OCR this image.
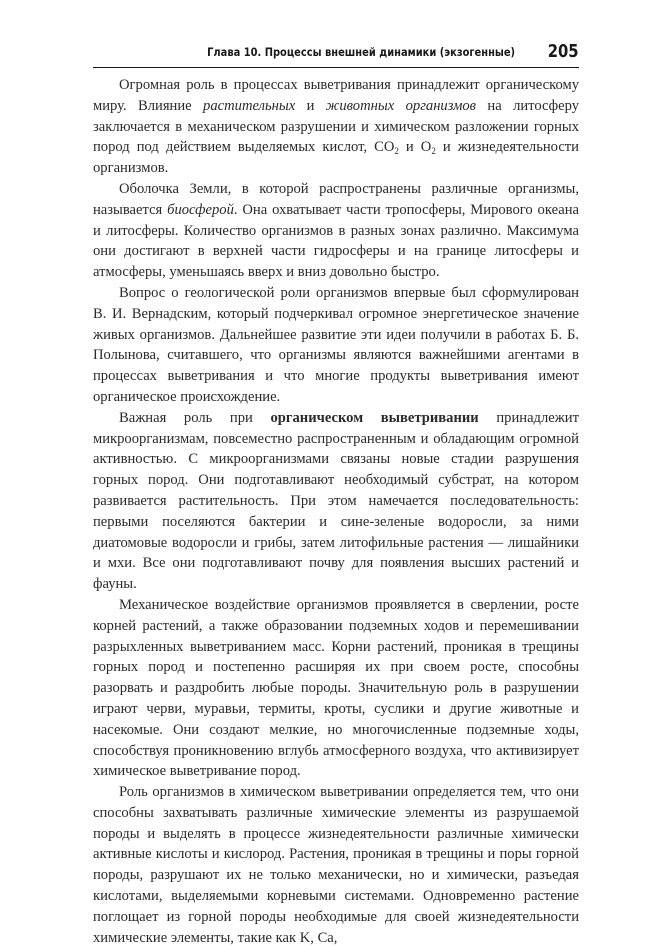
Глава 10. Процессы внешней динамики (экзогенные) 205

Огромная роль в процессах выветривания принадлежит органическому миру. Влияние растительных и животных организмов на литосферу заключается в механическом разрушении и химическом разложении горных пород под действием выделяемых кислот, $CO_2$ и $O_2$ и жизнедеятельности организмов.

Оболочка Земли, в которой распространены различные организмы, называется биосферой. Она охватывает части тропосферы, Мирового океана и литосферы. Количество организмов в разных зонах различно. Максимума они достигают в верхней части гидросферы и на границе литосферы и атмосферы, уменьшаясь вверх и вниз довольно быстро.

Вопрос о геологической роли организмов впервые был сформулирован В. И. Вернадским, который подчеркивал огромное энергетическое значение живых организмов. Дальнейшее развитие эти идеи получили в работах Б. Б. Полынова, считавшего, что организмы являются важнейшими агентами в процессах выветривания и что многие продукты выветривания имеют органическое происхождение.

Важная роль при органическом выветривании принадлежит микроорганизмам, повсеместно распространенным и обладающим огромной активностью. С микроорганизмами связаны новые стадии разрушения горных пород. Они подготавливают необходимый субстрат, на котором развивается растительность. При этом намечается последовательность: первыми поселяются бактерии и сине-зеленые водоросли, за ними диатомовые водоросли и грибы, затем литофильные растения — лишайники и мхи. Все они подготавливают почву для появления высших растений и фауны.

Механическое воздействие организмов проявляется в сверлении, росте корней растений, а также образовании подземных ходов и перемешивании разрыхленных выветриванием масс. Корни растений, проникая в трещины горных пород и постепенно расширяя их при своем росте, способны разорвать и раздробить любые породы. Значительную роль в разрушении играют черви, муравьи, термиты, кроты, суслики и другие животные и насекомые. Они создают мелкие, но многочисленные подземные ходы, способствуя проникновению вглубь атмосферного воздуха, что активизирует химическое выветривание пород.

Роль организмов в химическом выветривании определяется тем, что они способны захватывать различные химические элементы из разрушаемой породы и выделять в процессе жизнедеятельности различные химически активные кислоты и кислород. Растения, проникая в трещины и поры горной породы, разрушают их не только механически, но и химически, разъедая кислотами, выделяемыми корневыми системами. Одновременно растение поглощает из горной породы необходимые для своей жизнедеятельности химические элементы, такие как K, Ca,
